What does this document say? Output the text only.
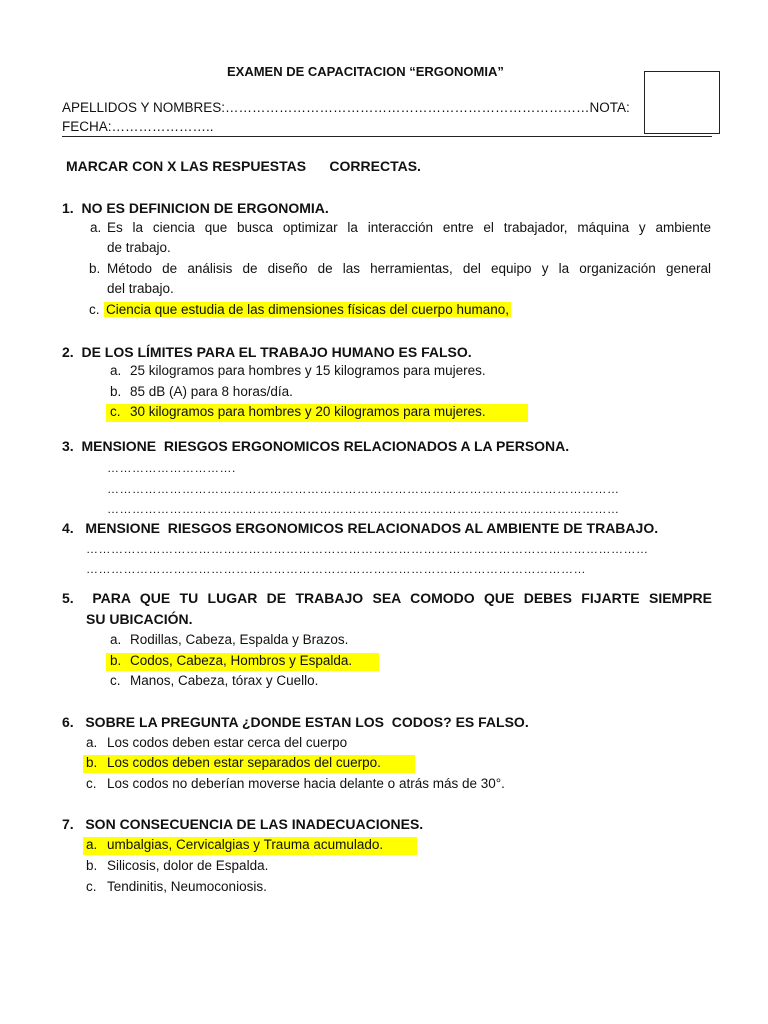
EXAMEN DE CAPACITACION “ERGONOMIA”
APELLIDOS Y NOMBRES:………………………………………………………………………NOTA:
FECHA:…………………..
MARCAR CON X LAS RESPUESTAS      CORRECTAS.
1.  NO ES DEFINICION DE ERGONOMIA.
a. Es la ciencia que busca optimizar la interacción entre el trabajador, máquina y ambiente
de trabajo.
b. Método de análisis de diseño de las herramientas, del equipo y la organización general
del trabajo.
c. Ciencia que estudia de las dimensiones físicas del cuerpo humano,
2.  DE LOS LÍMITES PARA EL TRABAJO HUMANO ES FALSO.
a. 25 kilogramos para hombres y 15 kilogramos para mujeres.
b. 85 dB (A) para 8 horas/día.
c. 30 kilogramos para hombres y 20 kilogramos para mujeres.
3.  MENSIONE  RIESGOS ERGONOMICOS RELACIONADOS A LA PERSONA.
………………………….
……………………………………………………………………………………………………………
……………………………………………………………………………………………………………
4.   MENSIONE  RIESGOS ERGONOMICOS RELACIONADOS AL AMBIENTE DE TRABAJO.
………………………………………………………………………………………………………………………
…………………………………………………………………………………………………………
5.  PARA QUE TU LUGAR DE TRABAJO SEA COMODO QUE DEBES FIJARTE SIEMPRE
SU UBICACIÓN.
a. Rodillas, Cabeza, Espalda y Brazos.
b. Codos, Cabeza, Hombros y Espalda.
c. Manos, Cabeza, tórax y Cuello.
6.   SOBRE LA PREGUNTA ¿DONDE ESTAN LOS  CODOS? ES FALSO.
a. Los codos deben estar cerca del cuerpo
b. Los codos deben estar separados del cuerpo.
c. Los codos no deberían moverse hacia delante o atrás más de 30°.
7.   SON CONSECUENCIA DE LAS INADECUACIONES.
a. umbalgias, Cervicalgias y Trauma acumulado.
b. Silicosis, dolor de Espalda.
c. Tendinitis, Neumoconiosis.
